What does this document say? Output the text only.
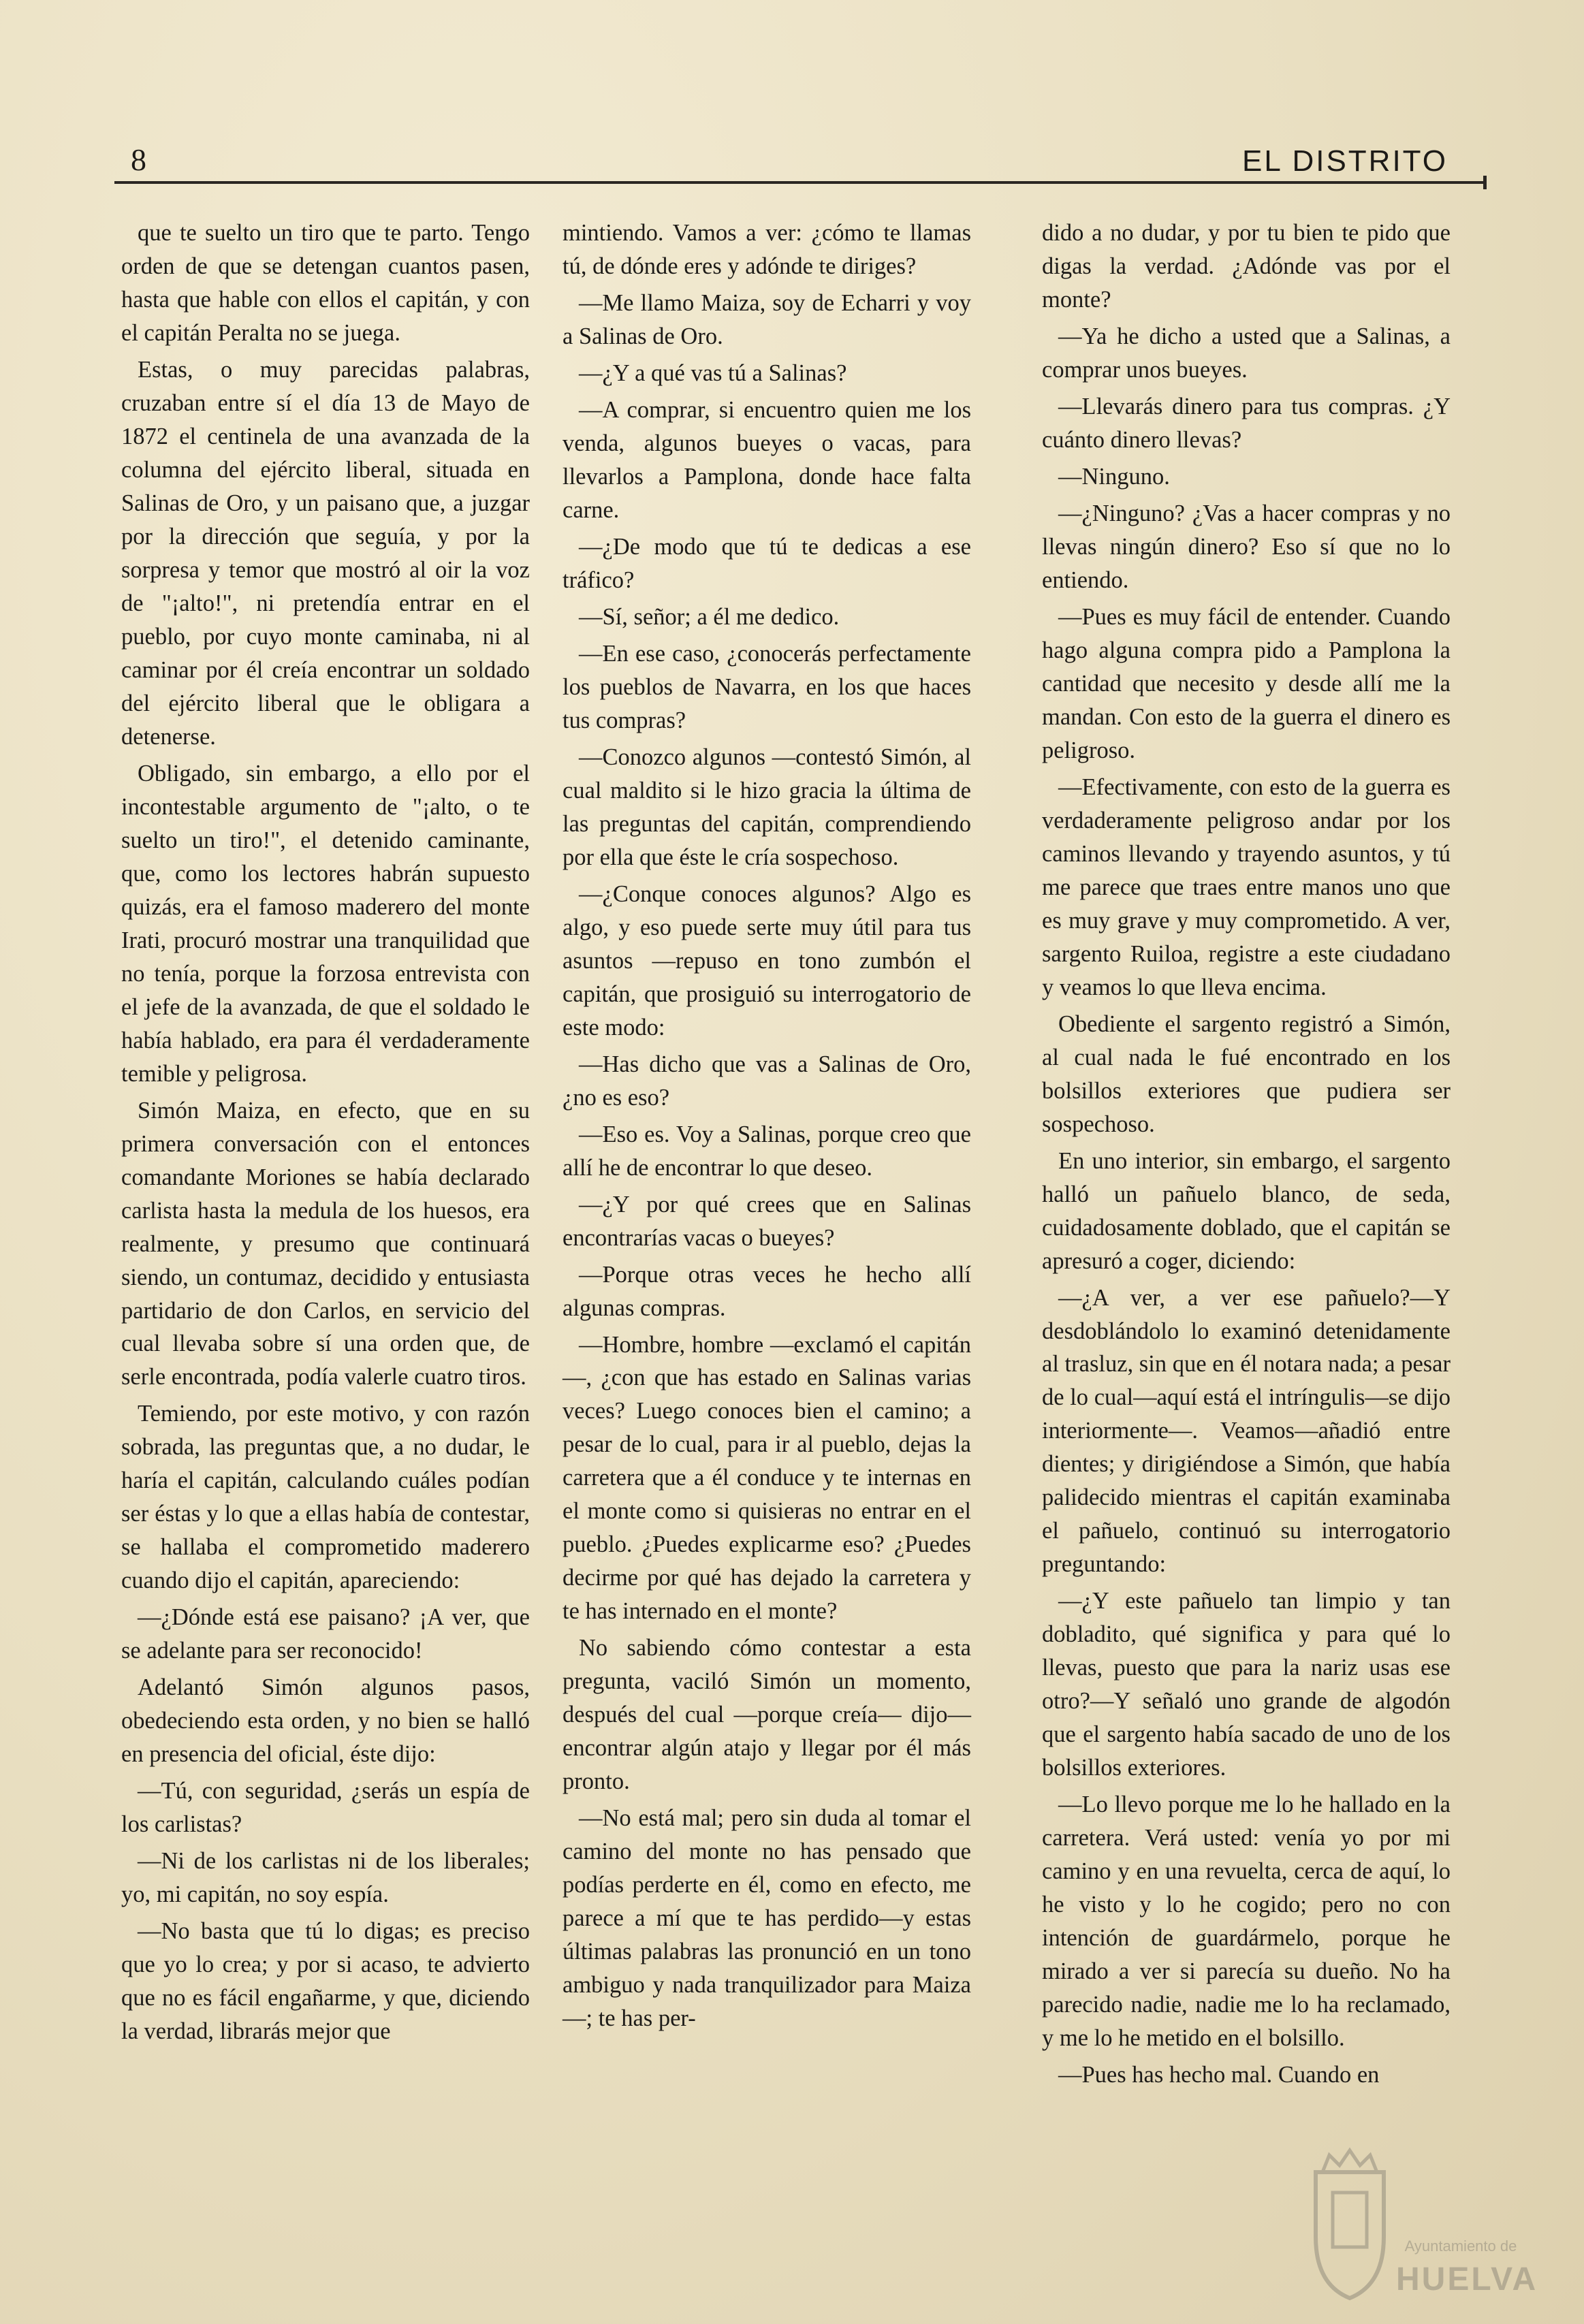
8	EL DISTRITO

que te suelto un tiro que te parto. Tengo orden de que se detengan cuantos pasen, hasta que hable con ellos el capitán, y con el capitán Peralta no se juega.

Estas, o muy parecidas palabras, cruzaban entre sí el día 13 de Mayo de 1872 el centinela de una avanzada de la columna del ejército liberal, situada en Salinas de Oro, y un paisano que, a juzgar por la dirección que seguía, y por la sorpresa y temor que mostró al oir la voz de "¡alto!", ni pretendía entrar en el pueblo, por cuyo monte caminaba, ni al caminar por él creía encontrar un soldado del ejército liberal que le obligara a detenerse.

Obligado, sin embargo, a ello por el incontestable argumento de "¡alto, o te suelto un tiro!", el detenido caminante, que, como los lectores habrán supuesto quizás, era el famoso maderero del monte Irati, procuró mostrar una tranquilidad que no tenía, porque la forzosa entrevista con el jefe de la avanzada, de que el soldado le había hablado, era para él verdaderamente temible y peligrosa.

Simón Maiza, en efecto, que en su primera conversación con el entonces comandante Moriones se había declarado carlista hasta la medula de los huesos, era realmente, y presumo que continuará siendo, un contumaz, decidido y entusiasta partidario de don Carlos, en servicio del cual llevaba sobre sí una orden que, de serle encontrada, podía valerle cuatro tiros.

Temiendo, por este motivo, y con razón sobrada, las preguntas que, a no dudar, le haría el capitán, calculando cuáles podían ser éstas y lo que a ellas había de contestar, se hallaba el comprometido maderero cuando dijo el capitán, apareciendo:

—¿Dónde está ese paisano? ¡A ver, que se adelante para ser reconocido!

Adelantó Simón algunos pasos, obedeciendo esta orden, y no bien se halló en presencia del oficial, éste dijo:

—Tú, con seguridad, ¿serás un espía de los carlistas?

—Ni de los carlistas ni de los liberales; yo, mi capitán, no soy espía.

—No basta que tú lo digas; es preciso que yo lo crea; y por si acaso, te advierto que no es fácil engañarme, y que, diciendo la verdad, librarás mejor que

mintiendo. Vamos a ver: ¿cómo te llamas tú, de dónde eres y adónde te diriges?

—Me llamo Maiza, soy de Echarri y voy a Salinas de Oro.

—¿Y a qué vas tú a Salinas?

—A comprar, si encuentro quien me los venda, algunos bueyes o vacas, para llevarlos a Pamplona, donde hace falta carne.

—¿De modo que tú te dedicas a ese tráfico?

—Sí, señor; a él me dedico.

—En ese caso, ¿conocerás perfectamente los pueblos de Navarra, en los que haces tus compras?

—Conozco algunos —contestó Simón, al cual maldito si le hizo gracia la última de las preguntas del capitán, comprendiendo por ella que éste le cría sospechoso.

—¿Conque conoces algunos? Algo es algo, y eso puede serte muy útil para tus asuntos —repuso en tono zumbón el capitán, que prosiguió su interrogatorio de este modo:

—Has dicho que vas a Salinas de Oro, ¿no es eso?

—Eso es. Voy a Salinas, porque creo que allí he de encontrar lo que deseo.

—¿Y por qué crees que en Salinas encontrarías vacas o bueyes?

—Porque otras veces he hecho allí algunas compras.

—Hombre, hombre —exclamó el capitán—, ¿con que has estado en Salinas varias veces? Luego conoces bien el camino; a pesar de lo cual, para ir al pueblo, dejas la carretera que a él conduce y te internas en el monte como si quisieras no entrar en el pueblo. ¿Puedes explicarme eso? ¿Puedes decirme por qué has dejado la carretera y te has internado en el monte?

No sabiendo cómo contestar a esta pregunta, vaciló Simón un momento, después del cual —porque creía— dijo— encontrar algún atajo y llegar por él más pronto.

—No está mal; pero sin duda al tomar el camino del monte no has pensado que podías perderte en él, como en efecto, me parece a mí que te has perdido—y estas últimas palabras las pronunció en un tono ambiguo y nada tranquilizador para Maiza—; te has per-

dido a no dudar, y por tu bien te pido que digas la verdad. ¿Adónde vas por el monte?

—Ya he dicho a usted que a Salinas, a comprar unos bueyes.

—Llevarás dinero para tus compras. ¿Y cuánto dinero llevas?

—Ninguno.

—¿Ninguno? ¿Vas a hacer compras y no llevas ningún dinero? Eso sí que no lo entiendo.

—Pues es muy fácil de entender. Cuando hago alguna compra pido a Pamplona la cantidad que necesito y desde allí me la mandan. Con esto de la guerra el dinero es peligroso.

—Efectivamente, con esto de la guerra es verdaderamente peligroso andar por los caminos llevando y trayendo asuntos, y tú me parece que traes entre manos uno que es muy grave y muy comprometido. A ver, sargento Ruiloa, registre a este ciudadano y veamos lo que lleva encima.

Obediente el sargento registró a Simón, al cual nada le fué encontrado en los bolsillos exteriores que pudiera ser sospechoso.

En uno interior, sin embargo, el sargento halló un pañuelo blanco, de seda, cuidadosamente doblado, que el capitán se apresuró a coger, diciendo:

—¿A ver, a ver ese pañuelo?—Y desdoblándolo lo examinó detenidamente al trasluz, sin que en él notara nada; a pesar de lo cual—aquí está el intríngulis—se dijo interiormente—. Veamos—añadió entre dientes; y dirigiéndose a Simón, que había palidecido mientras el capitán examinaba el pañuelo, continuó su interrogatorio preguntando:

—¿Y este pañuelo tan limpio y tan dobladito, qué significa y para qué lo llevas, puesto que para la nariz usas ese otro?—Y señaló uno grande de algodón que el sargento había sacado de uno de los bolsillos exteriores.

—Lo llevo porque me lo he hallado en la carretera. Verá usted: venía yo por mi camino y en una revuelta, cerca de aquí, lo he visto y lo he cogido; pero no con intención de guardármelo, porque he mirado a ver si parecía su dueño. No ha parecido nadie, nadie me lo ha reclamado, y me lo he metido en el bolsillo.

—Pues has hecho mal. Cuando en

Ayuntamiento de
HUELVA
